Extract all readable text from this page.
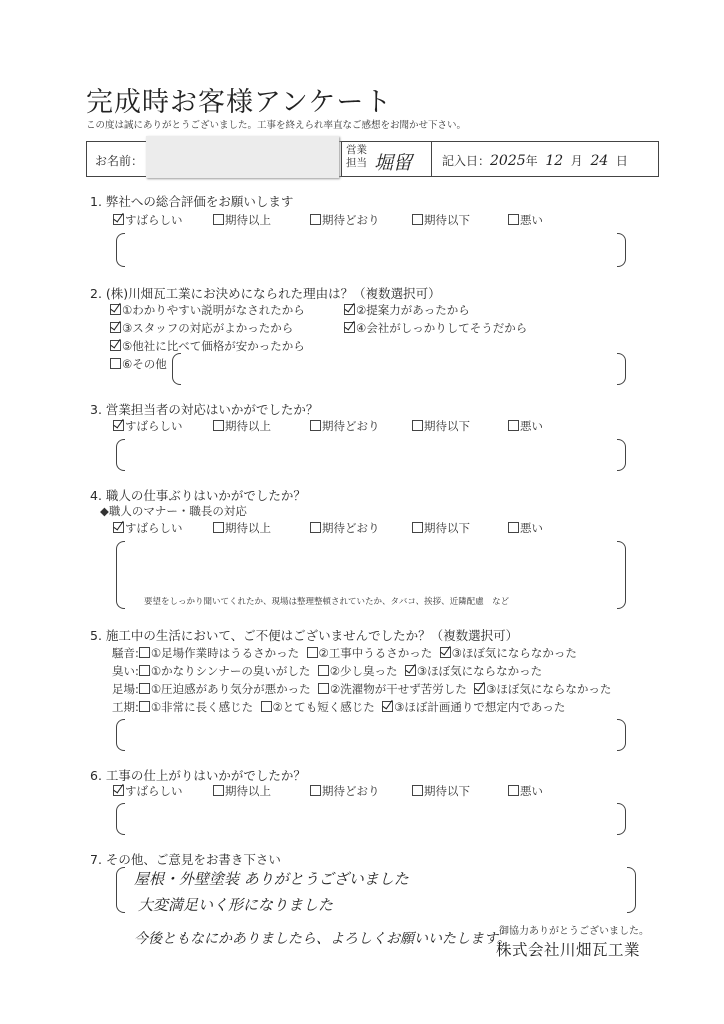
完成時お客様アンケート
この度は誠にありがとうございました。工事を終えられ率直なご感想をお聞かせ下さい。
お名前：
営業
担当 堀留 記入日：2025年 12 月 24 日
1. 弊社への総合評価をお願いします
すばらしい	期待以上	期待どおり	期待以下	悪い
2. (株)川畑瓦工業にお決めになられた理由は？（複数選択可）
①わかりやすい説明がなされたから	②提案力があったから
③スタッフの対応がよかったから	④会社がしっかりしてそうだから
⑤他社に比べて価格が安かったから
⑥その他
3. 営業担当者の対応はいかがでしたか？
すばらしい	期待以上	期待どおり	期待以下	悪い
4. 職人の仕事ぶりはいかがでしたか？
◆職人のマナー・職長の対応
すばらしい	期待以上	期待どおり	期待以下	悪い
要望をしっかり聞いてくれたか、現場は整理整頓されていたか、タバコ、挨拶、近隣配慮　など
5. 施工中の生活において、ご不便はございませんでしたか？（複数選択可）
騒音: ①足場作業時はうるさかった ②工事中うるさかった ③ほぼ気にならなかった
臭い: ①かなりシンナーの臭いがした ②少し臭った ③ほぼ気にならなかった
足場: ①圧迫感があり気分が悪かった ②洗濯物が干せず苦労した ③ほぼ気にならなかった
工期: ①非常に長く感じた ②とても短く感じた ③ほぼ計画通りで想定内であった
6. 工事の仕上がりはいかがでしたか？
すばらしい	期待以上	期待どおり	期待以下	悪い
7. その他、ご意見をお書き下さい
屋根・外壁塗装 ありがとうございました
大変満足いく形になりました
今後ともなにかありましたら、よろしくお願いいたします。
御協力ありがとうございました。
株式会社川畑瓦工業
